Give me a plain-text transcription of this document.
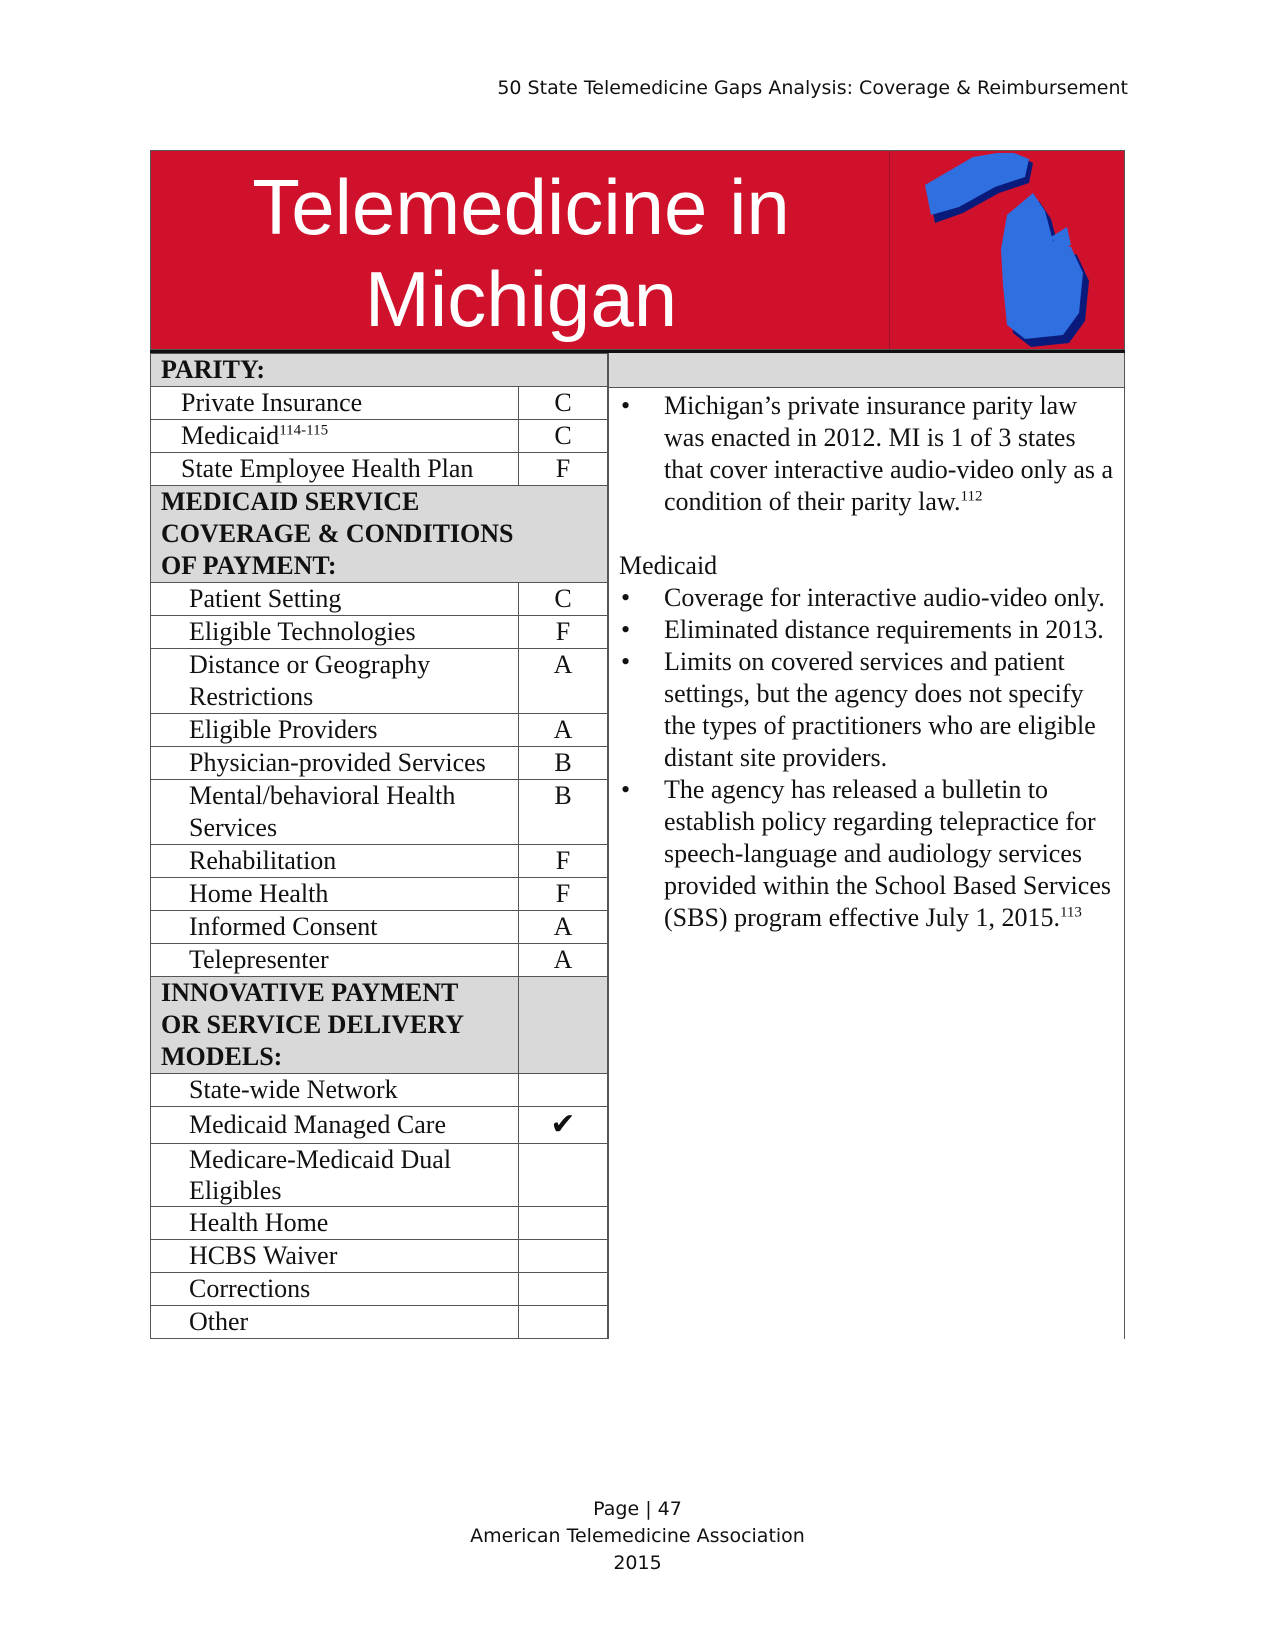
50 State Telemedicine Gaps Analysis: Coverage & Reimbursement
Telemedicine in
Michigan
PARITY:	
Private Insurance	C
Medicaid$^{114-115}$	C
State Employee Health Plan	F

MEDICAID SERVICE
COVERAGE & CONDITIONS
OF PAYMENT:	

Patient Setting	C
Eligible Technologies	F

Distance or Geography
Restrictions	A
Eligible Providers	A
Physician-provided Services	B

Mental/behavioral Health
Services	B
Rehabilitation	F
Home Health	F
Informed Consent	A
Telepresenter	A

INNOVATIVE PAYMENT
OR SERVICE DELIVERY
MODELS:	

State-wide Network	
Medicaid Managed Care	✔

Medicare-Medicaid Dual
Eligibles	

Health Home	
HCBS Waiver	
Corrections	
Other	
• Michigan’s private insurance parity law was enacted in 2012. MI is 1 of 3 states that cover interactive audio-video only as a condition of their parity law.$^{112}$
Medicaid
• Coverage for interactive audio-video only.
• Eliminated distance requirements in 2013.
• Limits on covered services and patient settings, but the agency does not specify the types of practitioners who are eligible distant site providers.
• The agency has released a bulletin to establish policy regarding telepractice for speech-language and audiology services provided within the School Based Services (SBS) program effective July 1, 2015.$^{113}$
Page | 47
American Telemedicine Association
2015
